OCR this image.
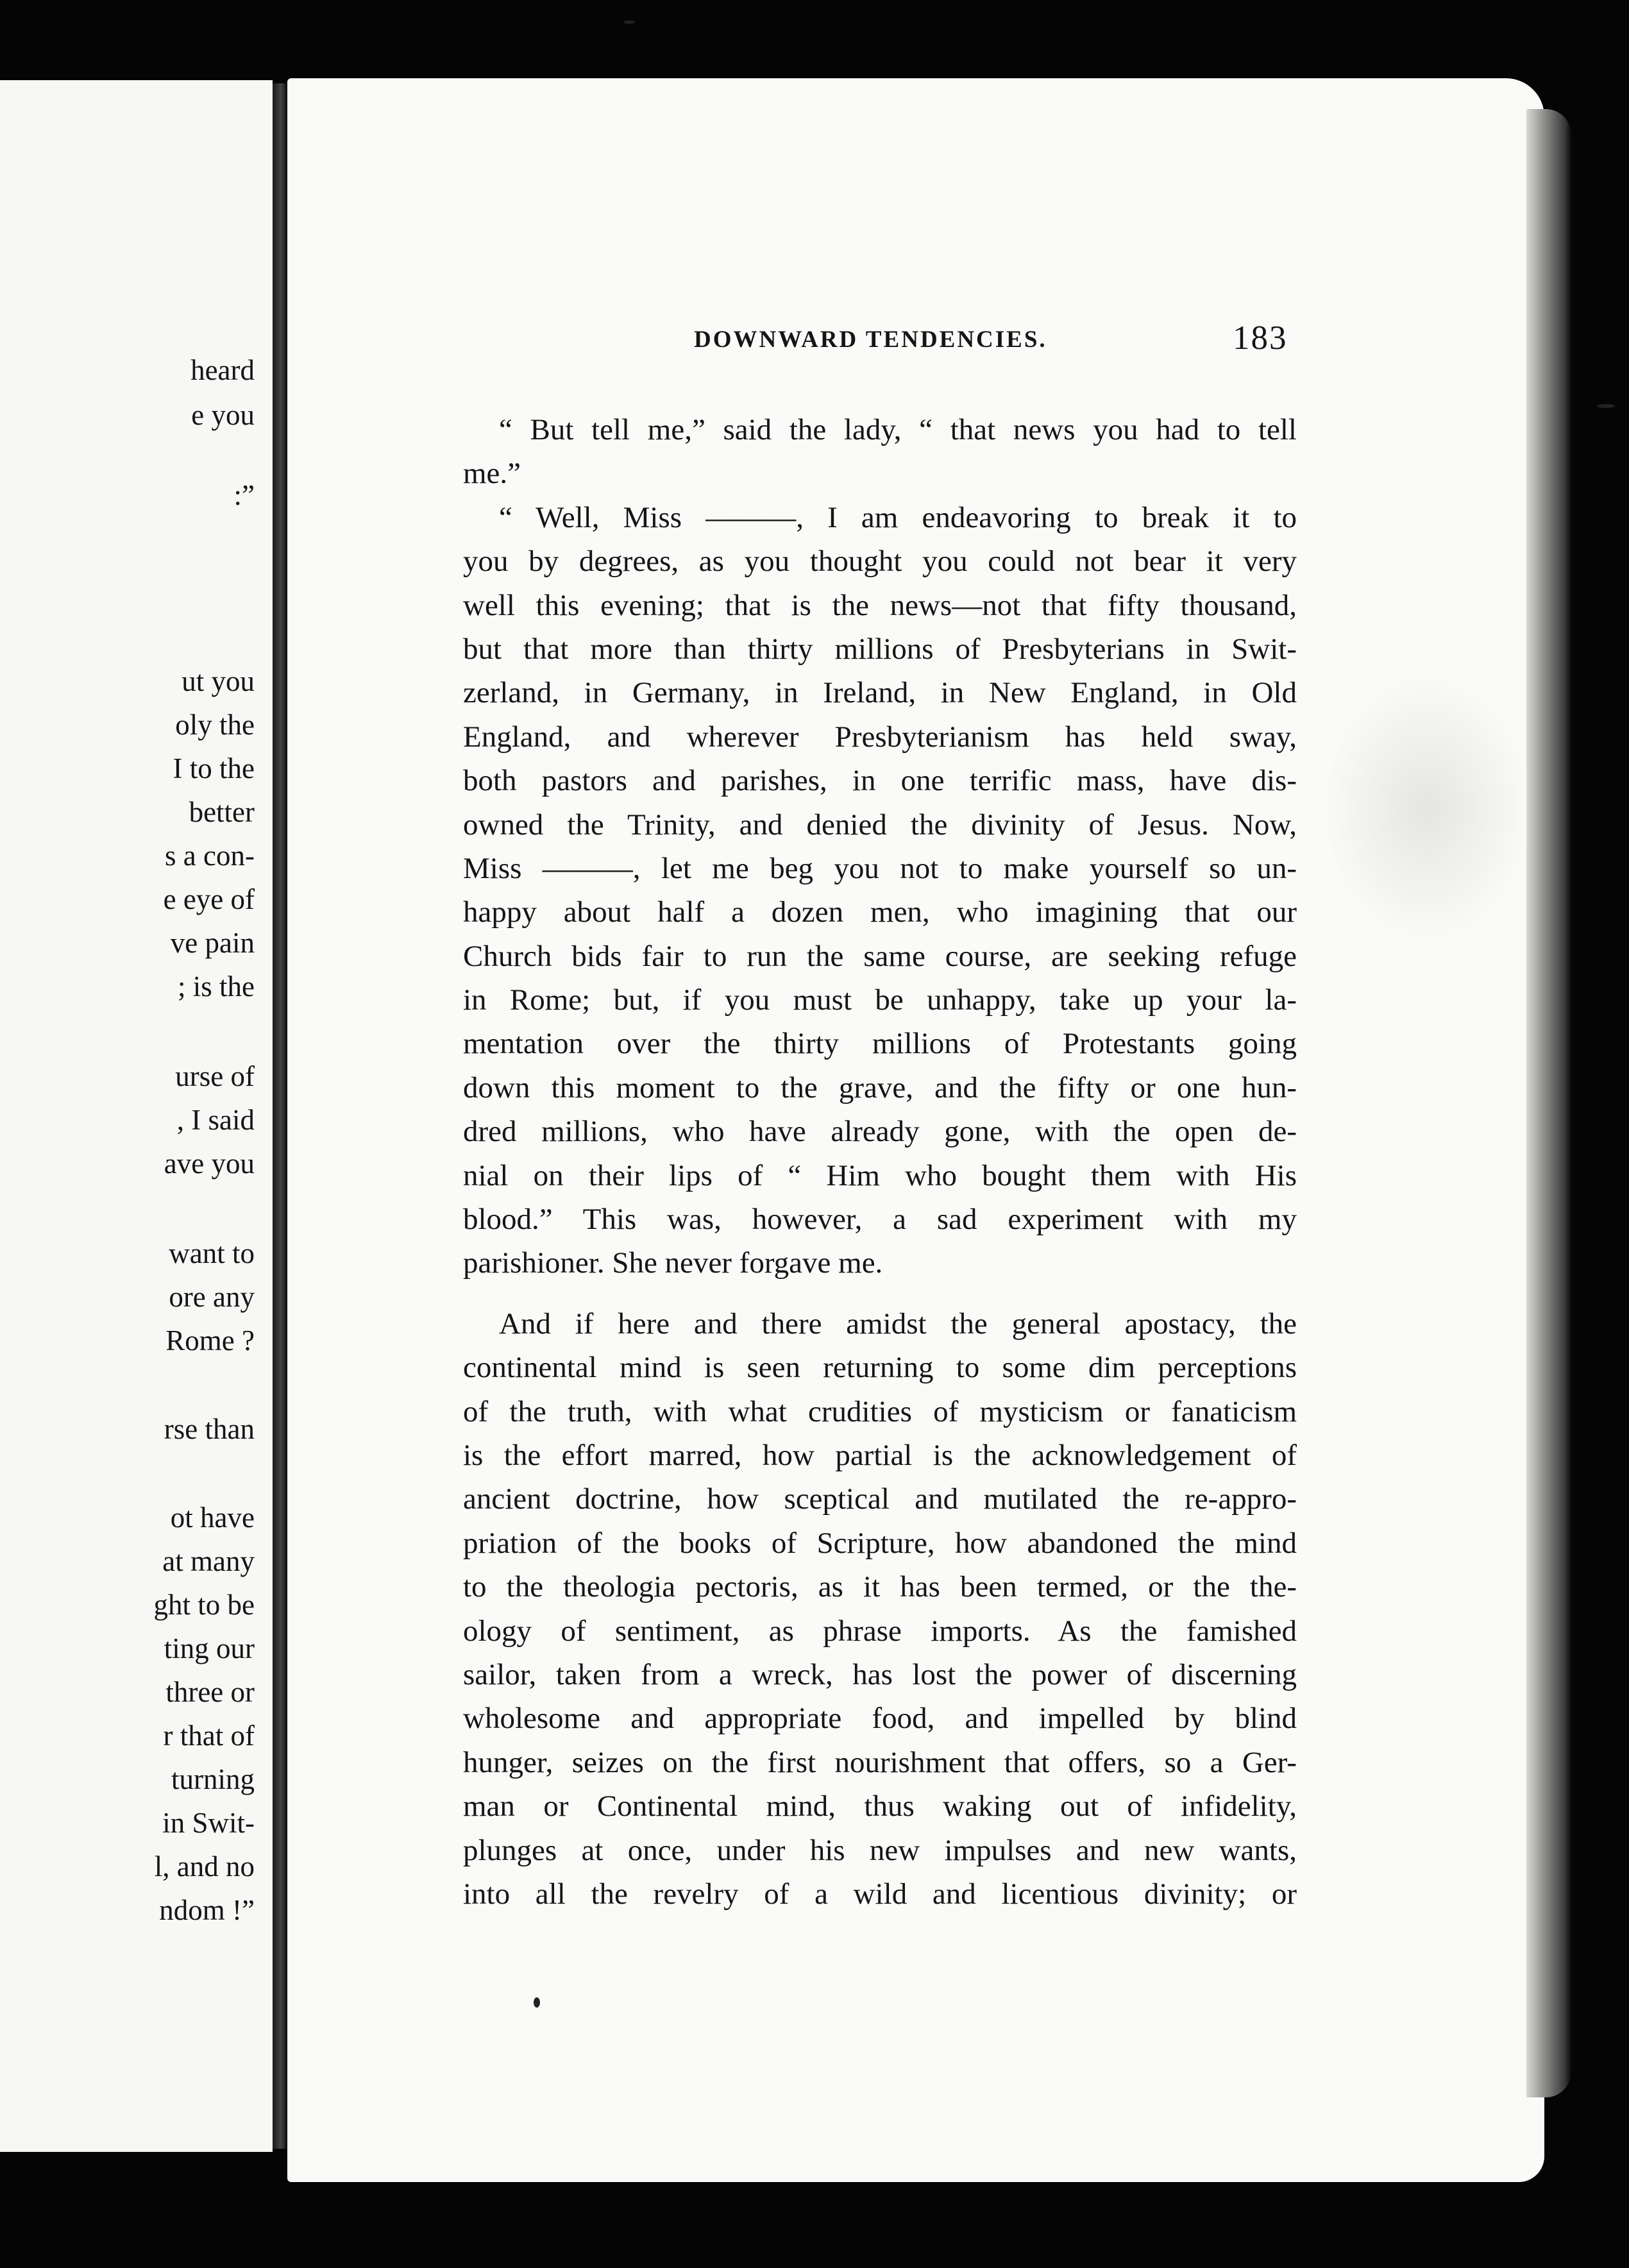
heard
e you
:”
ut you
oly the
I to the
better
s a con-
e eye of
ve pain
; is the
urse of
, I said
ave you
want to
ore any
Rome ?
rse than
ot have
at many
ght to be
ting our
three or
r that of
turning
in Swit-
l, and no
ndom !”
DOWNWARD TENDENCIES.	183
“ But tell me,” said the lady, “ that news you had to tell
me.”
“ Well, Miss ———, I am endeavoring to break it to
you by degrees, as you thought you could not bear it very
well this evening; that is the news—not that fifty thousand,
but that more than thirty millions of Presbyterians in Swit-
zerland, in Germany, in Ireland, in New England, in Old
England, and wherever Presbyterianism has held sway,
both pastors and parishes, in one terrific mass, have dis-
owned the Trinity, and denied the divinity of Jesus. Now,
Miss ———, let me beg you not to make yourself so un-
happy about half a dozen men, who imagining that our
Church bids fair to run the same course, are seeking refuge
in Rome; but, if you must be unhappy, take up your la-
mentation over the thirty millions of Protestants going
down this moment to the grave, and the fifty or one hun-
dred millions, who have already gone, with the open de-
nial on their lips of “ Him who bought them with His
blood.” This was, however, a sad experiment with my
parishioner. She never forgave me.
And if here and there amidst the general apostacy, the
continental mind is seen returning to some dim perceptions
of the truth, with what crudities of mysticism or fanaticism
is the effort marred, how partial is the acknowledgement of
ancient doctrine, how sceptical and mutilated the re-appro-
priation of the books of Scripture, how abandoned the mind
to the theologia pectoris, as it has been termed, or the the-
ology of sentiment, as phrase imports. As the famished
sailor, taken from a wreck, has lost the power of discerning
wholesome and appropriate food, and impelled by blind
hunger, seizes on the first nourishment that offers, so a Ger-
man or Continental mind, thus waking out of infidelity,
plunges at once, under his new impulses and new wants,
into all the revelry of a wild and licentious divinity; or
